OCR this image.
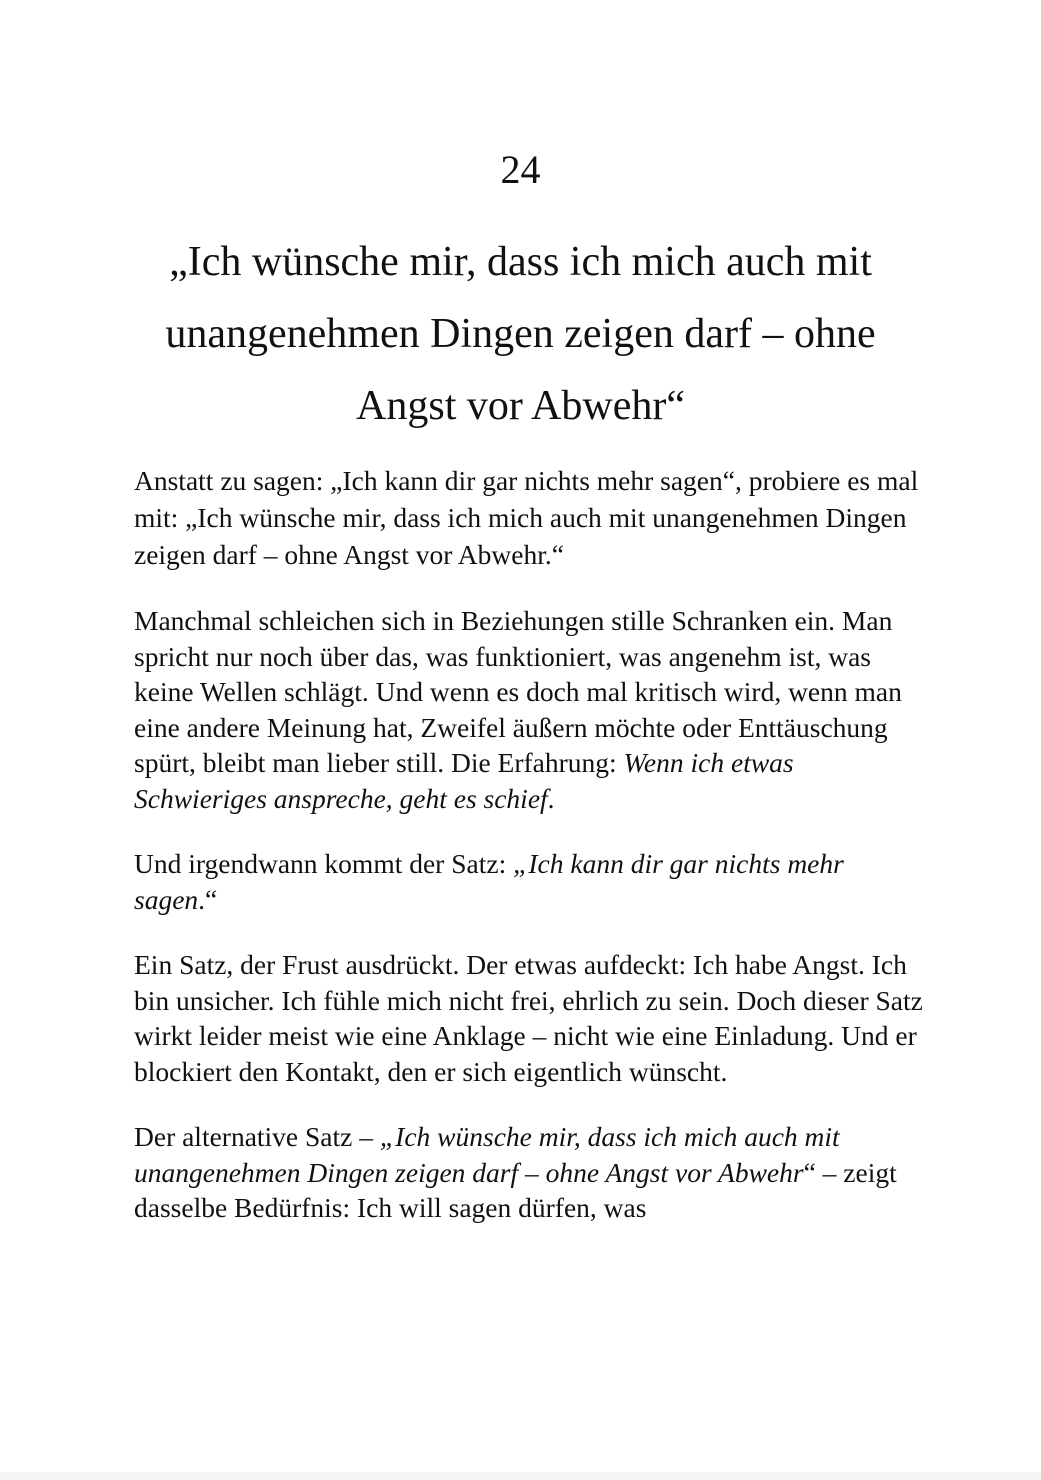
24
„Ich wünsche mir, dass ich mich auch mit unangenehmen Dingen zeigen darf – ohne Angst vor Abwehr“

Anstatt zu sagen: „Ich kann dir gar nichts mehr sagen“, probiere es mal mit: „Ich wünsche mir, dass ich mich auch mit unangenehmen Dingen zeigen darf – ohne Angst vor Abwehr.“

Manchmal schleichen sich in Beziehungen stille Schranken ein. Man spricht nur noch über das, was funktioniert, was angenehm ist, was keine Wellen schlägt. Und wenn es doch mal kritisch wird, wenn man eine andere Meinung hat, Zweifel äußern möchte oder Enttäuschung spürt, bleibt man lieber still. Die Erfahrung: Wenn ich etwas Schwieriges anspreche, geht es schief.

Und irgendwann kommt der Satz: „Ich kann dir gar nichts mehr sagen.“

Ein Satz, der Frust ausdrückt. Der etwas aufdeckt: Ich habe Angst. Ich bin unsicher. Ich fühle mich nicht frei, ehrlich zu sein. Doch dieser Satz wirkt leider meist wie eine Anklage – nicht wie eine Einladung. Und er blockiert den Kontakt, den er sich eigentlich wünscht.

Der alternative Satz – „Ich wünsche mir, dass ich mich auch mit unangenehmen Dingen zeigen darf – ohne Angst vor Abwehr“ – zeigt dasselbe Bedürfnis: Ich will sagen dürfen, was
